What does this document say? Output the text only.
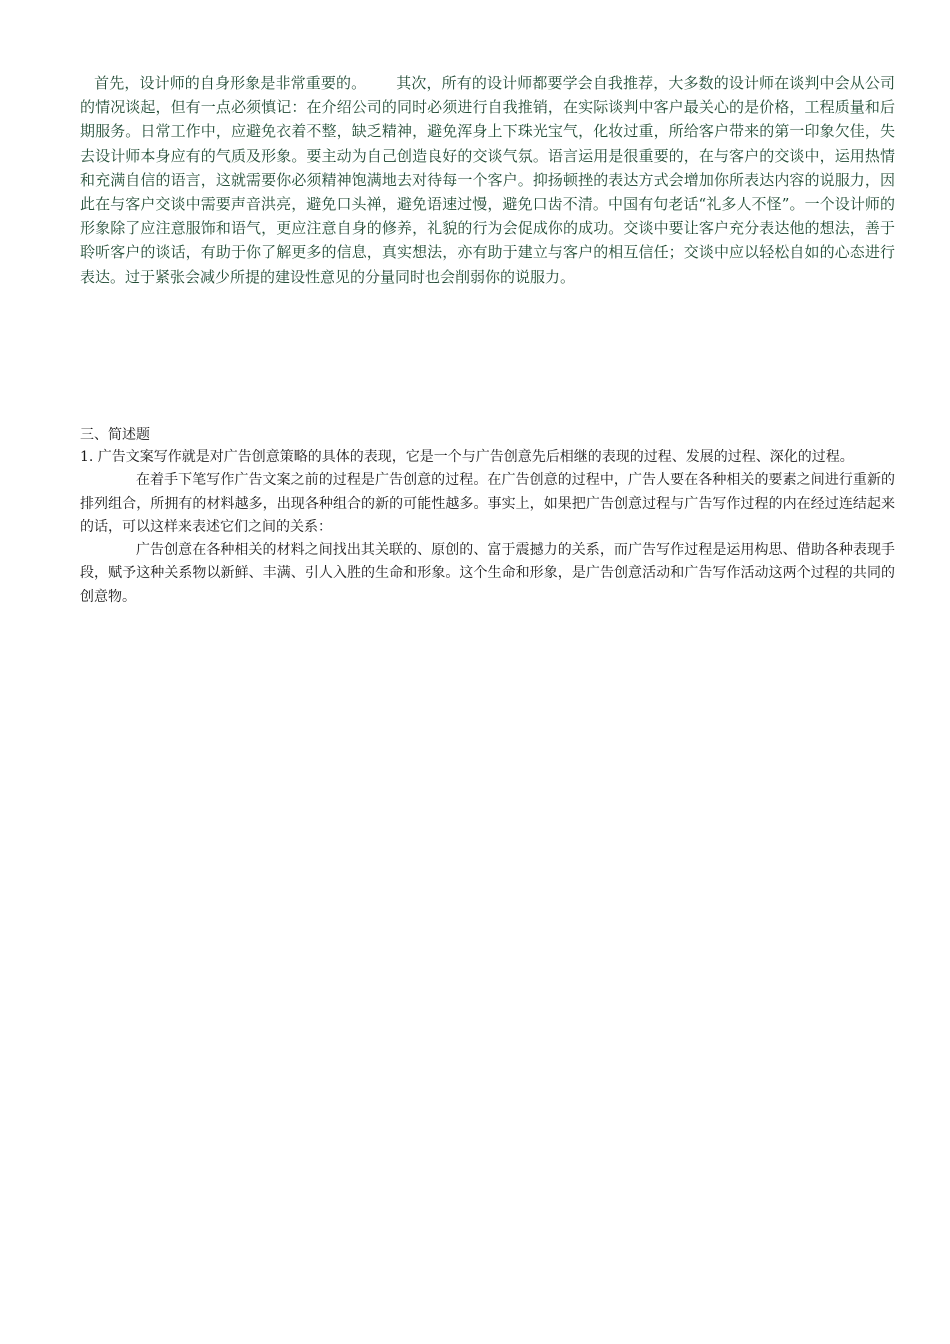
首先，设计师的自身形象是非常重要的。 其次，所有的设计师都要学会自我推荐，大多数的设计师在谈判中会从公司的情况谈起，但有一点必须慎记：在介绍公司的同时必须进行自我推销，在实际谈判中客户最关心的是价格，工程质量和后期服务。日常工作中，应避免衣着不整，缺乏精神，避免浑身上下珠光宝气，化妆过重，所给客户带来的第一印象欠佳，失去设计师本身应有的气质及形象。要主动为自己创造良好的交谈气氛。语言运用是很重要的，在与客户的交谈中，运用热情和充满自信的语言，这就需要你必须精神饱满地去对待每一个客户。抑扬顿挫的表达方式会增加你所表达内容的说服力，因此在与客户交谈中需要声音洪亮，避免口头禅，避免语速过慢，避免口齿不清。中国有句老话“礼多人不怪”。一个设计师的形象除了应注意服饰和语气，更应注意自身的修养，礼貌的行为会促成你的成功。交谈中要让客户充分表达他的想法，善于聆听客户的谈话，有助于你了解更多的信息，真实想法，亦有助于建立与客户的相互信任；交谈中应以轻松自如的心态进行表达。过于紧张会减少所提的建设性意见的分量同时也会削弱你的说服力。

三、简述题

1. 广告文案写作就是对广告创意策略的具体的表现，它是一个与广告创意先后相继的表现的过程、发展的过程、深化的过程。

在着手下笔写作广告文案之前的过程是广告创意的过程。在广告创意的过程中，广告人要在各种相关的要素之间进行重新的排列组合，所拥有的材料越多，出现各种组合的新的可能性越多。事实上，如果把广告创意过程与广告写作过程的内在经过连结起来的话，可以这样来表述它们之间的关系：

广告创意在各种相关的材料之间找出其关联的、原创的、富于震撼力的关系，而广告写作过程是运用构思、借助各种表现手段，赋予这种关系物以新鲜、丰满、引人入胜的生命和形象。这个生命和形象，是广告创意活动和广告写作活动这两个过程的共同的创意物。
